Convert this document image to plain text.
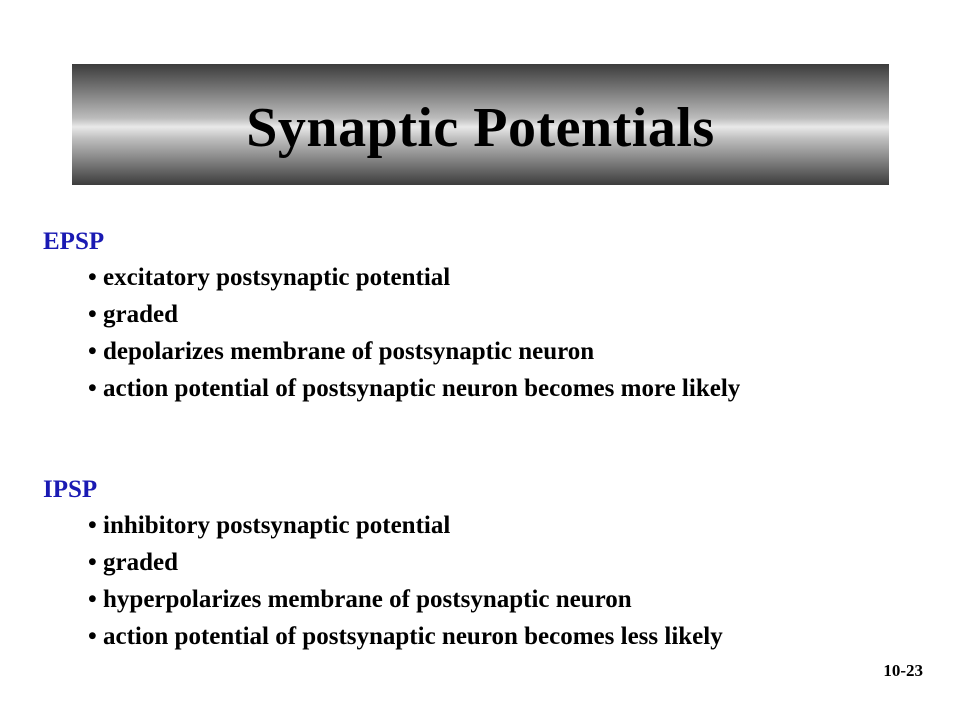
Synaptic Potentials
EPSP
• excitatory postsynaptic potential
• graded
• depolarizes membrane of postsynaptic neuron
• action potential of postsynaptic neuron becomes more likely
IPSP
• inhibitory postsynaptic potential
• graded
• hyperpolarizes membrane of postsynaptic neuron
• action potential of postsynaptic neuron becomes less likely
10-23
